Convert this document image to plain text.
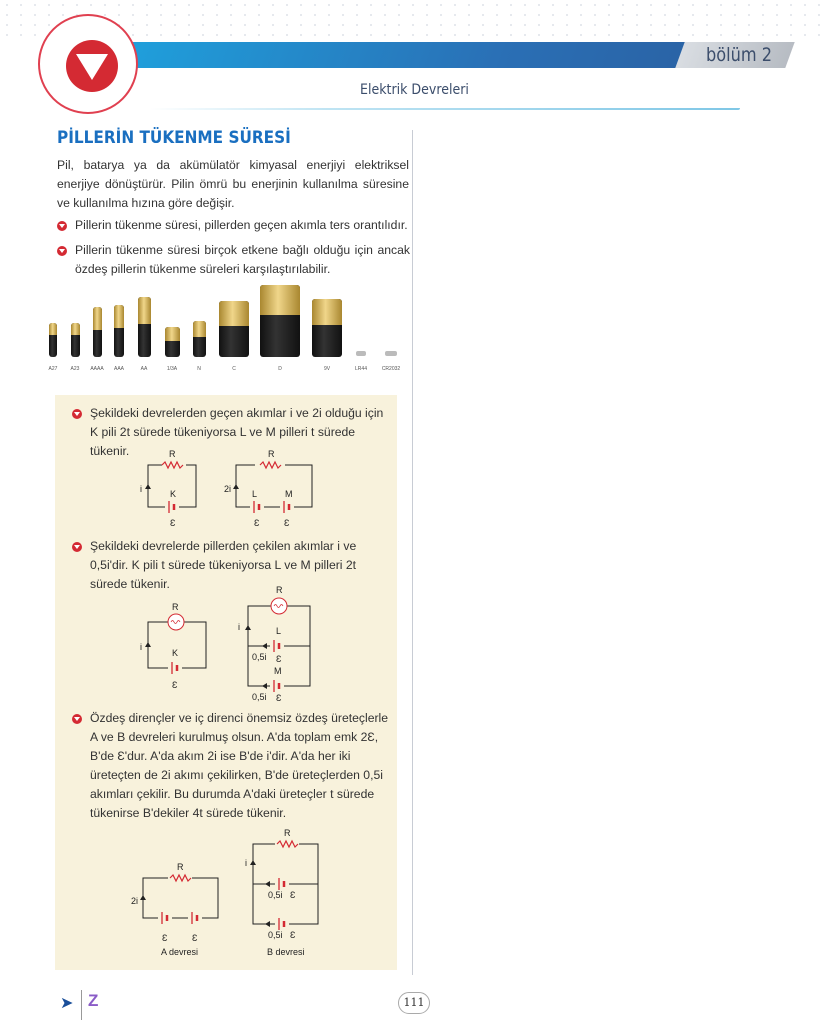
bölüm 2
Elektrik Devreleri
PİLLERİN TÜKENME SÜRESİ
Pil, batarya ya da akümülatör kimyasal enerjiyi elektriksel enerjiye dönüştürür. Pilin ömrü bu enerjinin kullanılma süresine ve kullanılma hızına göre değişir.
Pillerin tükenme süresi, pillerden geçen akımla ters orantılıdır.
Pillerin tükenme süresi birçok etkene bağlı olduğu için ancak özdeş pillerin tükenme süreleri karşılaştırılabilir.
A27	A23	AAAA	AAA	AA	1/3A	N	C	D	9V	LR44	CR2032
Şekildeki devrelerden geçen akımlar i ve 2i olduğu için K pili 2t sürede tükeniyorsa L ve M pilleri t sürede tükenir.
Şekildeki devrelerde pillerden çekilen akımlar i ve 0,5i'dir. K pili t sürede tükeniyorsa L ve M pilleri 2t sürede tükenir.
Özdeş dirençler ve iç direnci önemsiz özdeş üreteçlerle A ve B devreleri kurulmuş olsun. A'da toplam emk 2Ɛ, B'de Ɛ'dur. A'da akım 2i ise B'de i'dir. A'da her iki üreteçten de 2i akımı çekilirken, B'de üreteçlerden 0,5i akımları çekilir. Bu durumda A'daki üreteçler t sürede tükenirse B'dekiler 4t sürede tükenir.
R	R
i	2i
K	L	M
Ɛ	Ɛ	Ɛ
R
R
i
i
K
L
M
Ɛ
Ɛ
Ɛ
0,5i
0,5i
R
R
2i
i
Ɛ	Ɛ
0,5i Ɛ
0,5i Ɛ
A devresi	B devresi
➤ Z	111
